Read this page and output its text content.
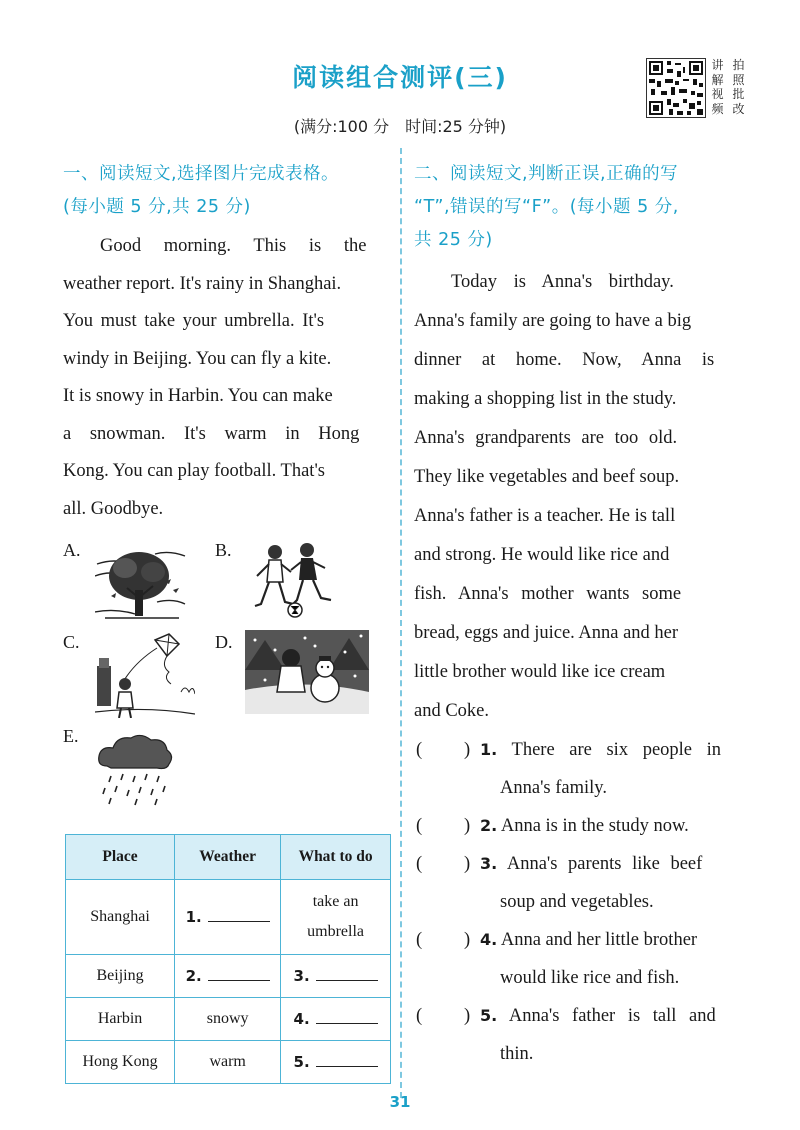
阅读组合测评(三)
(满分:100 分　时间:25 分钟)
讲 拍
解 照
视 批
频 改
一、阅读短文,选择图片完成表格。
(每小题 5 分,共 25 分)
Good morning. This is the
weather report. It's rainy in Shanghai.
You must take your umbrella. It's
windy in Beijing. You can fly a kite.
It is snowy in Harbin. You can make
a snowman. It's warm in Hong
Kong. You can play football. That's
all. Goodbye.
A.	B.
C.	D.
E.
Place	Weather	What to do
Shanghai	1.	take an
umbrella

Beijing	2.	3.
Harbin	snowy	4.
Hong Kong	warm	5.
二、阅读短文,判断正误,正确的写
“T”,错误的写“F”。(每小题 5 分,
共 25 分)
Today is Anna's birthday.
Anna's family are going to have a big
dinner at home. Now, Anna is
making a shopping list in the study.
Anna's grandparents are too old.
They like vegetables and beef soup.
Anna's father is a teacher. He is tall
and strong. He would like rice and
fish. Anna's mother wants some
bread, eggs and juice. Anna and her
little brother would like ice cream
and Coke.
( ) 1. There are six people in
Anna's family.
( ) 2. Anna is in the study now.
( ) 3. Anna's parents like beef
soup and vegetables.
( ) 4. Anna and her little brother
would like rice and fish.
( ) 5. Anna's father is tall and
thin.
31
